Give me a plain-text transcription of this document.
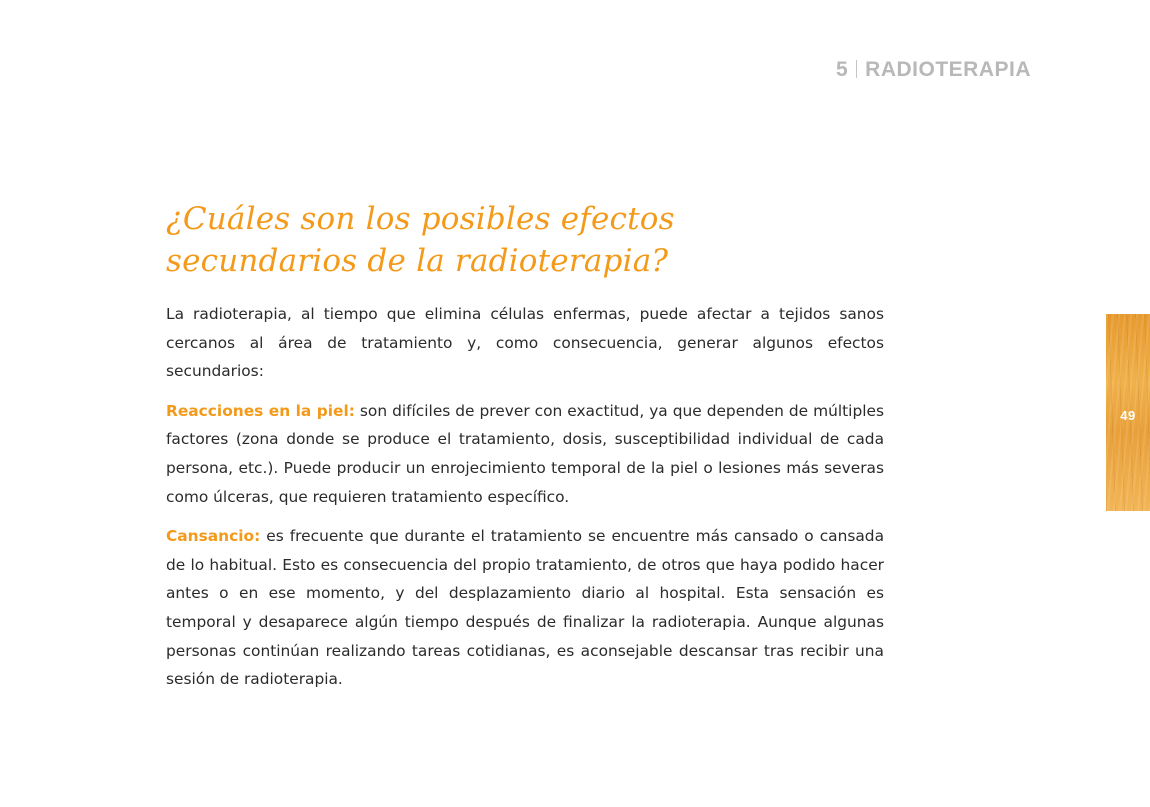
5 RADIOTERAPIA
¿Cuáles son los posibles efectos
secundarios de la radioterapia?

La radioterapia, al tiempo que elimina células enfermas, puede afectar a tejidos sanos cercanos al área de tratamiento y, como consecuencia, generar algunos efectos secundarios:

Reacciones en la piel: son difíciles de prever con exactitud, ya que dependen de múltiples factores (zona donde se produce el tratamiento, dosis, susceptibilidad individual de cada persona, etc.). Puede producir un enrojecimiento temporal de la piel o lesiones más severas como úlceras, que requieren tratamiento específico.

Cansancio: es frecuente que durante el tratamiento se encuentre más cansado o cansada de lo habitual. Esto es consecuencia del propio tratamiento, de otros que haya podido hacer antes o en ese momento, y del desplazamiento diario al hospital. Esta sensación es temporal y desaparece algún tiempo después de finalizar la radioterapia. Aunque algunas personas continúan realizando tareas cotidianas, es aconsejable descansar tras recibir una sesión de radioterapia.

49
